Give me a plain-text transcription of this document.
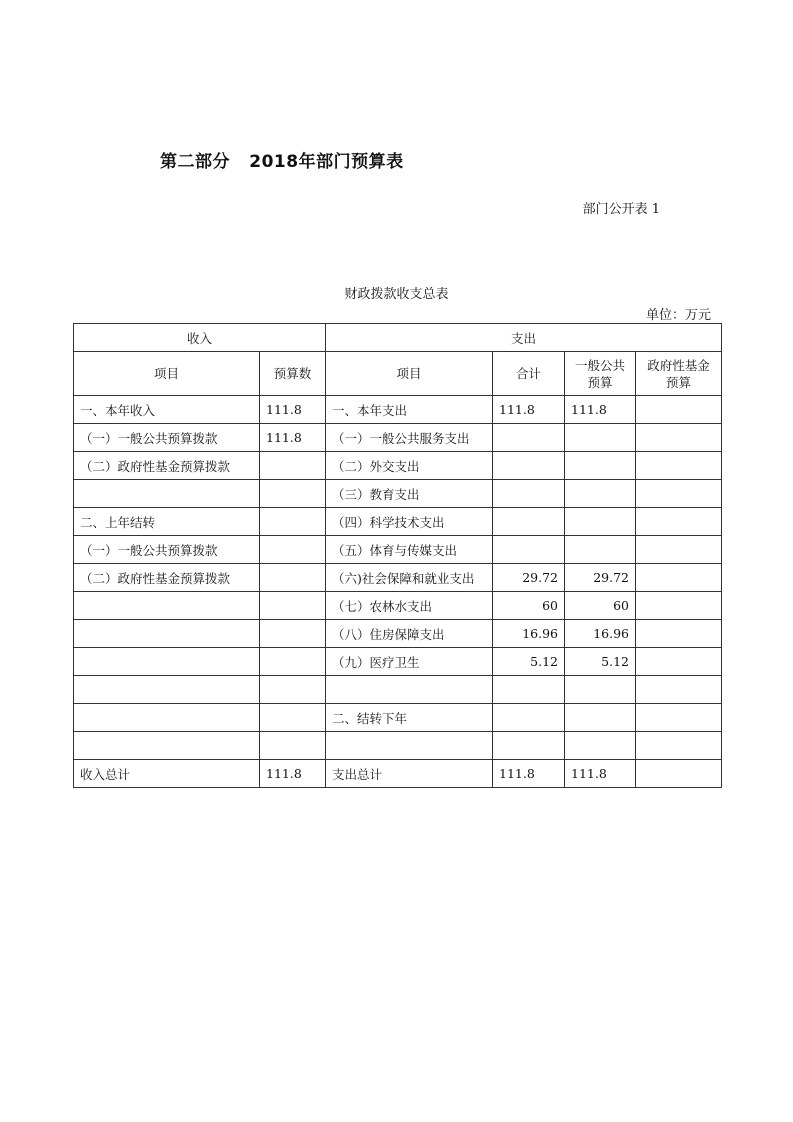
第二部分   2018年部门预算表
部门公开表 1
财政拨款收支总表
单位：万元
收入		支出			
项目	预算数	项目	合计	一般公共预算	政府性基金预算
一、本年收入	111.8	一、本年支出	111.8	111.8	
（一）一般公共预算拨款	111.8	（一）一般公共服务支出			
（二）政府性基金预算拨款		（二）外交支出			
		（三）教育支出			
二、上年结转		（四）科学技术支出			
（一）一般公共预算拨款		（五）体育与传媒支出			
（二）政府性基金预算拨款		（六)社会保障和就业支出	29.72	29.72	
		（七）农林水支出	60	60	
		（八）住房保障支出	16.96	16.96	
		（九）医疗卫生	5.12	5.12	

		二、结转下年			

收入总计	111.8	支出总计	111.8	111.8	
